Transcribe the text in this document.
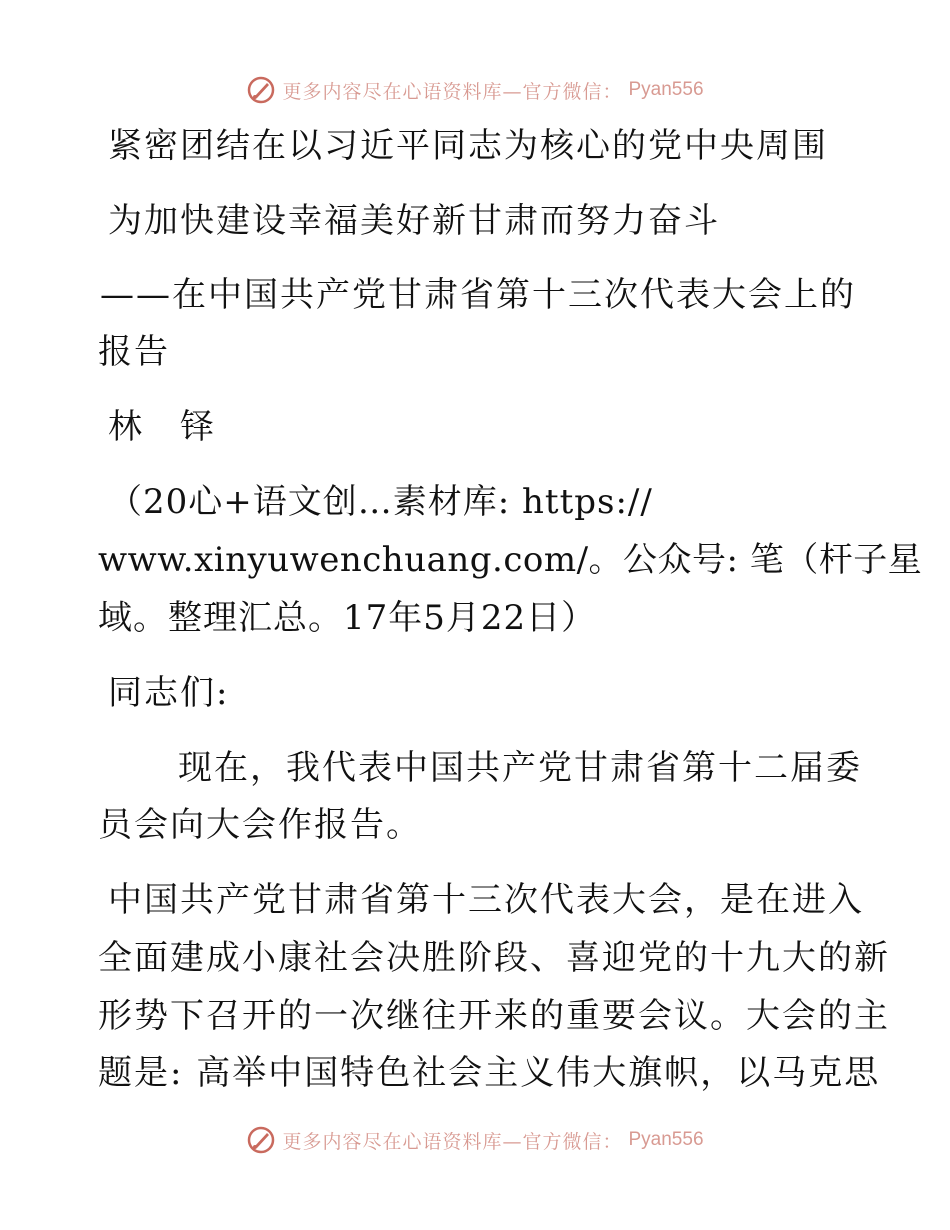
更多内容尽在心语资料库—官方微信： Pyan556
紧密团结在以习近平同志为核心的党中央周围
为加快建设幸福美好新甘肃而努力奋斗
——在中国共产党甘肃省第十三次代表大会上的
报告
林　铎
（20心+语文创…素材库: https://
www.xinyuwenchuang.com/。公众号: 笔（杆子星
域。整理汇总。17年5月22日）
同志们:
现在，我代表中国共产党甘肃省第十二届委
员会向大会作报告。
中国共产党甘肃省第十三次代表大会，是在进入
全面建成小康社会决胜阶段、喜迎党的十九大的新
形势下召开的一次继往开来的重要会议。大会的主
题是: 高举中国特色社会主义伟大旗帜，以马克思
更多内容尽在心语资料库—官方微信： Pyan556
